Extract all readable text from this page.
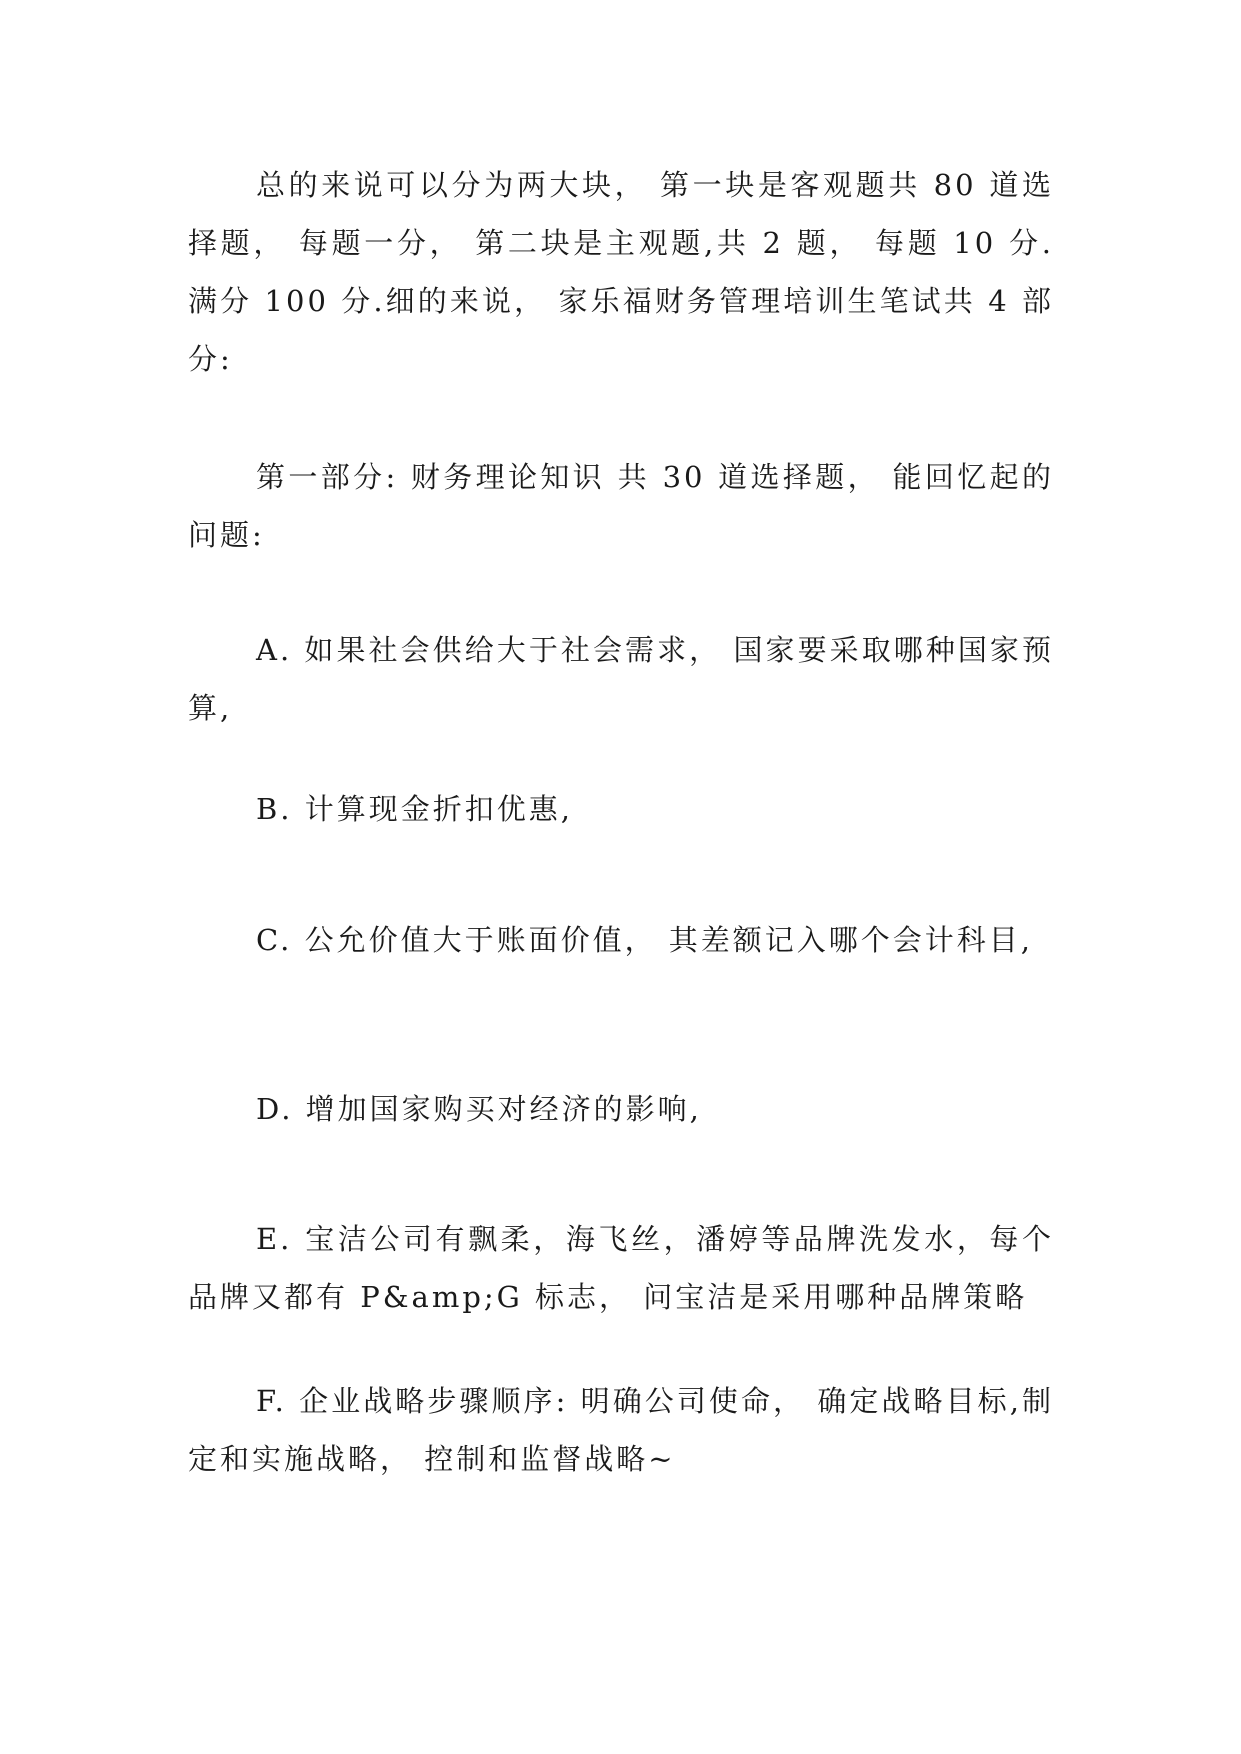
总的来说可以分为两大块， 第一块是客观题共 80 道选择题， 每题一分， 第二块是主观题,共 2 题， 每题 10 分.满分 100 分.细的来说， 家乐福财务管理培训生笔试共 4 部分:

第一部分: 财务理论知识 共 30 道选择题， 能回忆起的问题:

A. 如果社会供给大于社会需求， 国家要采取哪种国家预算,

B. 计算现金折扣优惠,

C. 公允价值大于账面价值， 其差额记入哪个会计科目,

D. 增加国家购买对经济的影响,

E. 宝洁公司有飘柔，海飞丝，潘婷等品牌洗发水，每个品牌又都有 P&amp;G 标志， 问宝洁是采用哪种品牌策略

F. 企业战略步骤顺序: 明确公司使命， 确定战略目标,制定和实施战略， 控制和监督战略~
